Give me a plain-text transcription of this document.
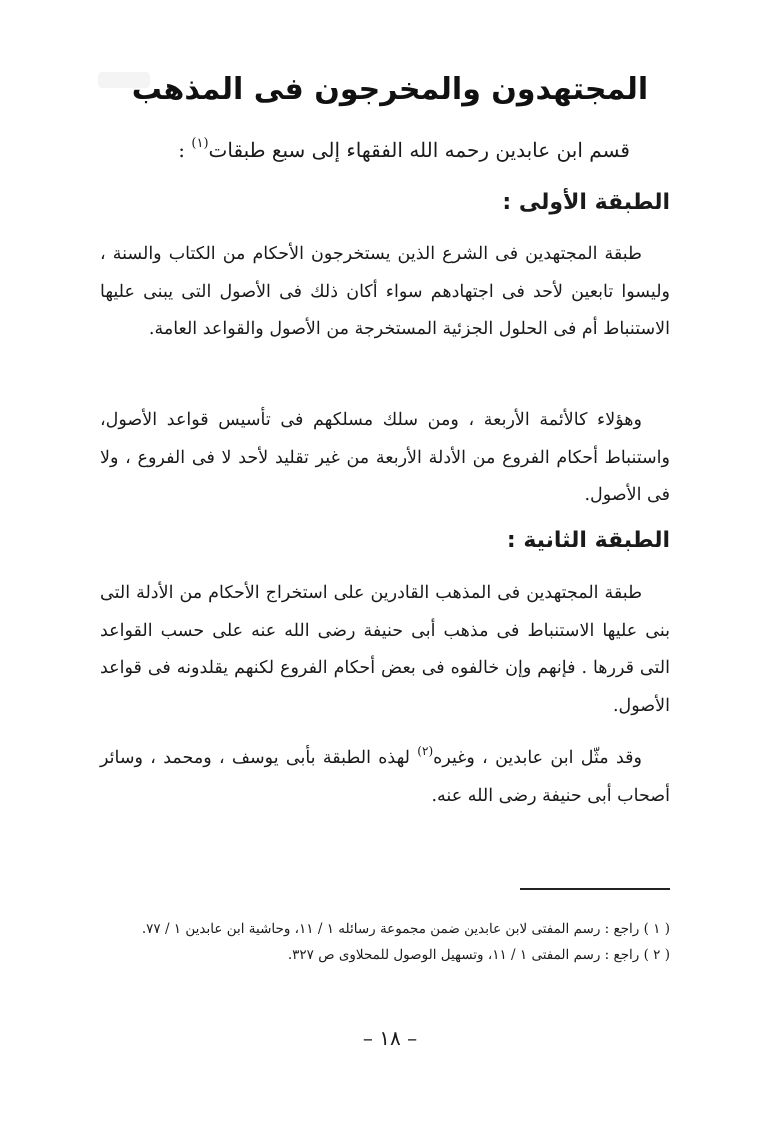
المجتهدون والمخرجون فى المذهب

قسم ابن عابدين رحمه الله الفقهاء إلى سبع طبقات$^{(١)}$ :

الطبقة الأولى :

طبقة المجتهدين فى الشرع الذين يستخرجون الأحكام من الكتاب والسنة ، وليسوا تابعين لأحد فى اجتهادهم سواء أكان ذلك فى الأصول التى يبنى عليها الاستنباط أم فى الحلول الجزئية المستخرجة من الأصول والقواعد العامة.

وهؤلاء كالأئمة الأربعة ، ومن سلك مسلكهم فى تأسيس قواعد الأصول، واستنباط أحكام الفروع من الأدلة الأربعة من غير تقليد لأحد لا فى الفروع ، ولا فى الأصول.

الطبقة الثانية :

طبقة المجتهدين فى المذهب القادرين على استخراج الأحكام من الأدلة التى بنى عليها الاستنباط فى مذهب أبى حنيفة رضى الله عنه على حسب القواعد التى قررها . فإنهم وإن خالفوه فى بعض أحكام الفروع لكنهم يقلدونه فى قواعد الأصول.

وقد مثّل ابن عابدين ، وغيره$^{(٢)}$ لهذه الطبقة بأبى يوسف ، ومحمد ، وسائر أصحاب أبى حنيفة رضى الله عنه.

( ١ ) راجع : رسم المفتى لابن عابدين ضمن مجموعة رسائله ١ / ١١، وحاشية ابن عابدين ١ / ٧٧.
( ٢ ) راجع : رسم المفتى ١ / ١١، وتسهيل الوصول للمحلاوى ص ٣٢٧.
– ١٨ –
